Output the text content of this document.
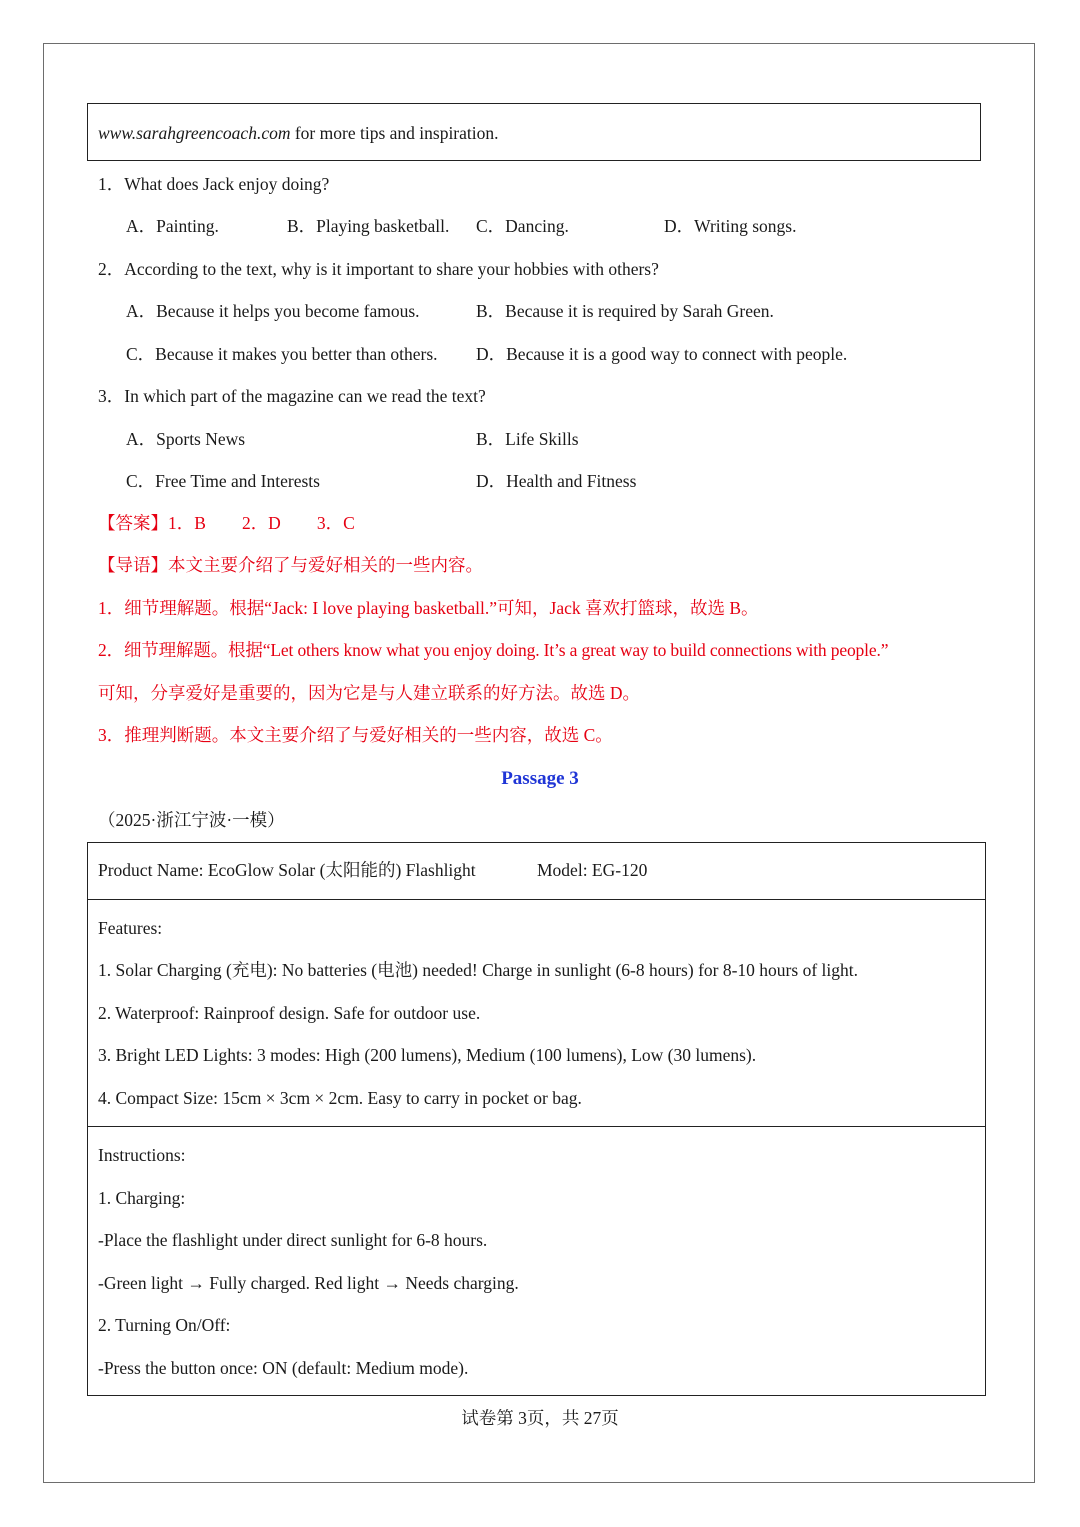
www.sarahgreencoach.com for more tips and inspiration.
1．What does Jack enjoy doing?
A．Painting.	B．Playing basketball. C．Dancing.	D．Writing songs.
2．According to the text, why is it important to share your hobbies with others?
A．Because it helps you become famous.	B．Because it is required by Sarah Green.
C．Because it makes you better than others. D．Because it is a good way to connect with people.
3．In which part of the magazine can we read the text?
A．Sports News	B．Life Skills
C．Free Time and Interests	D．Health and Fitness
【答案】1．B 2．D 3．C
【导语】本文主要介绍了与爱好相关的一些内容。
1．细节理解题。根据“Jack: I love playing basketball.”可知，Jack 喜欢打篮球，故选 B。
2．细节理解题。根据“Let others know what you enjoy doing. It’s a great way to build connections with people.”
可知，分享爱好是重要的，因为它是与人建立联系的好方法。故选 D。
3．推理判断题。本文主要介绍了与爱好相关的一些内容，故选 C。
Passage 3
（2025·浙江宁波·一模）
Product Name: EcoGlow Solar (太阳能的) Flashlight	Model: EG-120
Features:
1. Solar Charging (充电): No batteries (电池) needed! Charge in sunlight (6-8 hours) for 8-10 hours of light.
2. Waterproof: Rainproof design. Safe for outdoor use.
3. Bright LED Lights: 3 modes: High (200 lumens), Medium (100 lumens), Low (30 lumens).
4. Compact Size: 15cm × 3cm × 2cm. Easy to carry in pocket or bag.
Instructions:
1. Charging:
-Place the flashlight under direct sunlight for 6-8 hours.
-Green light → Fully charged. Red light → Needs charging.
2. Turning On/Off:
-Press the button once: ON (default: Medium mode).
试卷第 3页，共 27页
